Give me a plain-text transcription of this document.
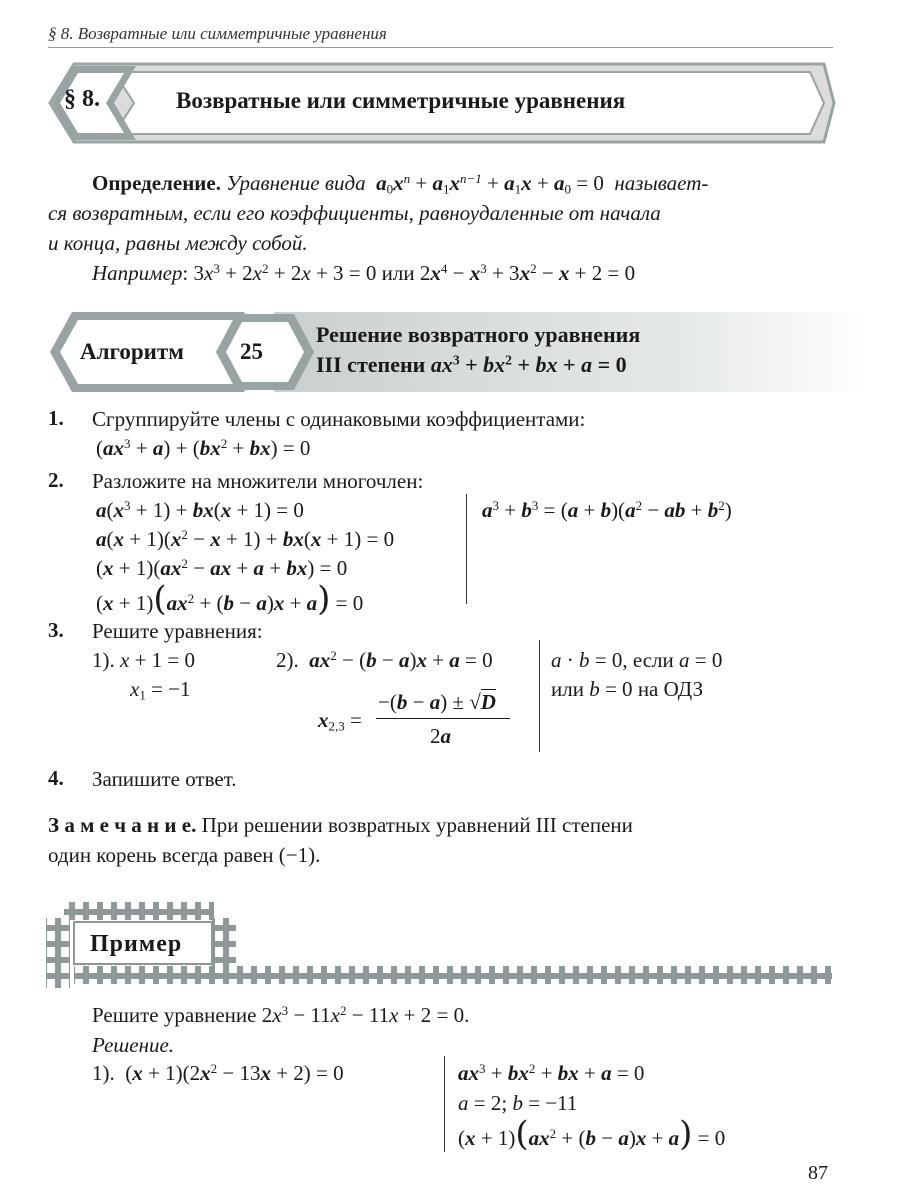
§ 8. Возвратные или симметричные уравнения
§ 8.	Возвратные или симметричные уравнения
Определение. Уравнение вида $a_0x^n + a_1x^{n-1} + a_1x + a_0 = 0$  называет-
ся возвратным, если его коэффициенты, равноудаленные от начала
и конца, равны между собой.
Например: $3x^3 + 2x^2 + 2x + 3 = 0$ или $2x^4 - x^3 + 3x^2 - x + 2 = 0$
Алгоритм 25
Решение возвратного уравнения
III степени $ax^3 + bx^2$ + bx + a = 0
1. Сгруппируйте члены с одинаковыми коэффициентами:
$(ax^3 + a) + (bx^2 + bx) = 0$
2. Разложите на множители многочлен:
$a(x^3 + 1) + bx(x + 1) = 0$
$a(x + 1)(x^2 - x + 1) + bx(x + 1) = 0$
$(x + 1)(ax^2$ − ax + a + bx) = 0
$(x + 1)(ax^2 + (b - a)x + a) = 0$
$a^3 + b^3 = (a + b)(a^2$ − ab + $b^2$)
3. Решите уравнения:
1). x + 1 = 0
$x_1 = -1$
2). $ax^2 - (b - a)x + a = 0$
$x_{2,3}$ =
−(b − a) ± √D
2a
a · b = 0, если a = 0
или b = 0 на ОДЗ
4. Запишите ответ.
З а м е ч а н и е. При решении возвратных уравнений III степени
один корень всегда равен (−1).
Пример
Решите уравнение $2x^3 - 11x^2 - 11x + 2 = 0$.
Решение.
1).  $(x + 1)(2x^2 - 13x + 2) = 0$	$ax^3 + bx^2$ + bx + a = 0
a = 2; b = −11
$(x + 1)(ax^2 + (b - a)x + a) = 0$
87
